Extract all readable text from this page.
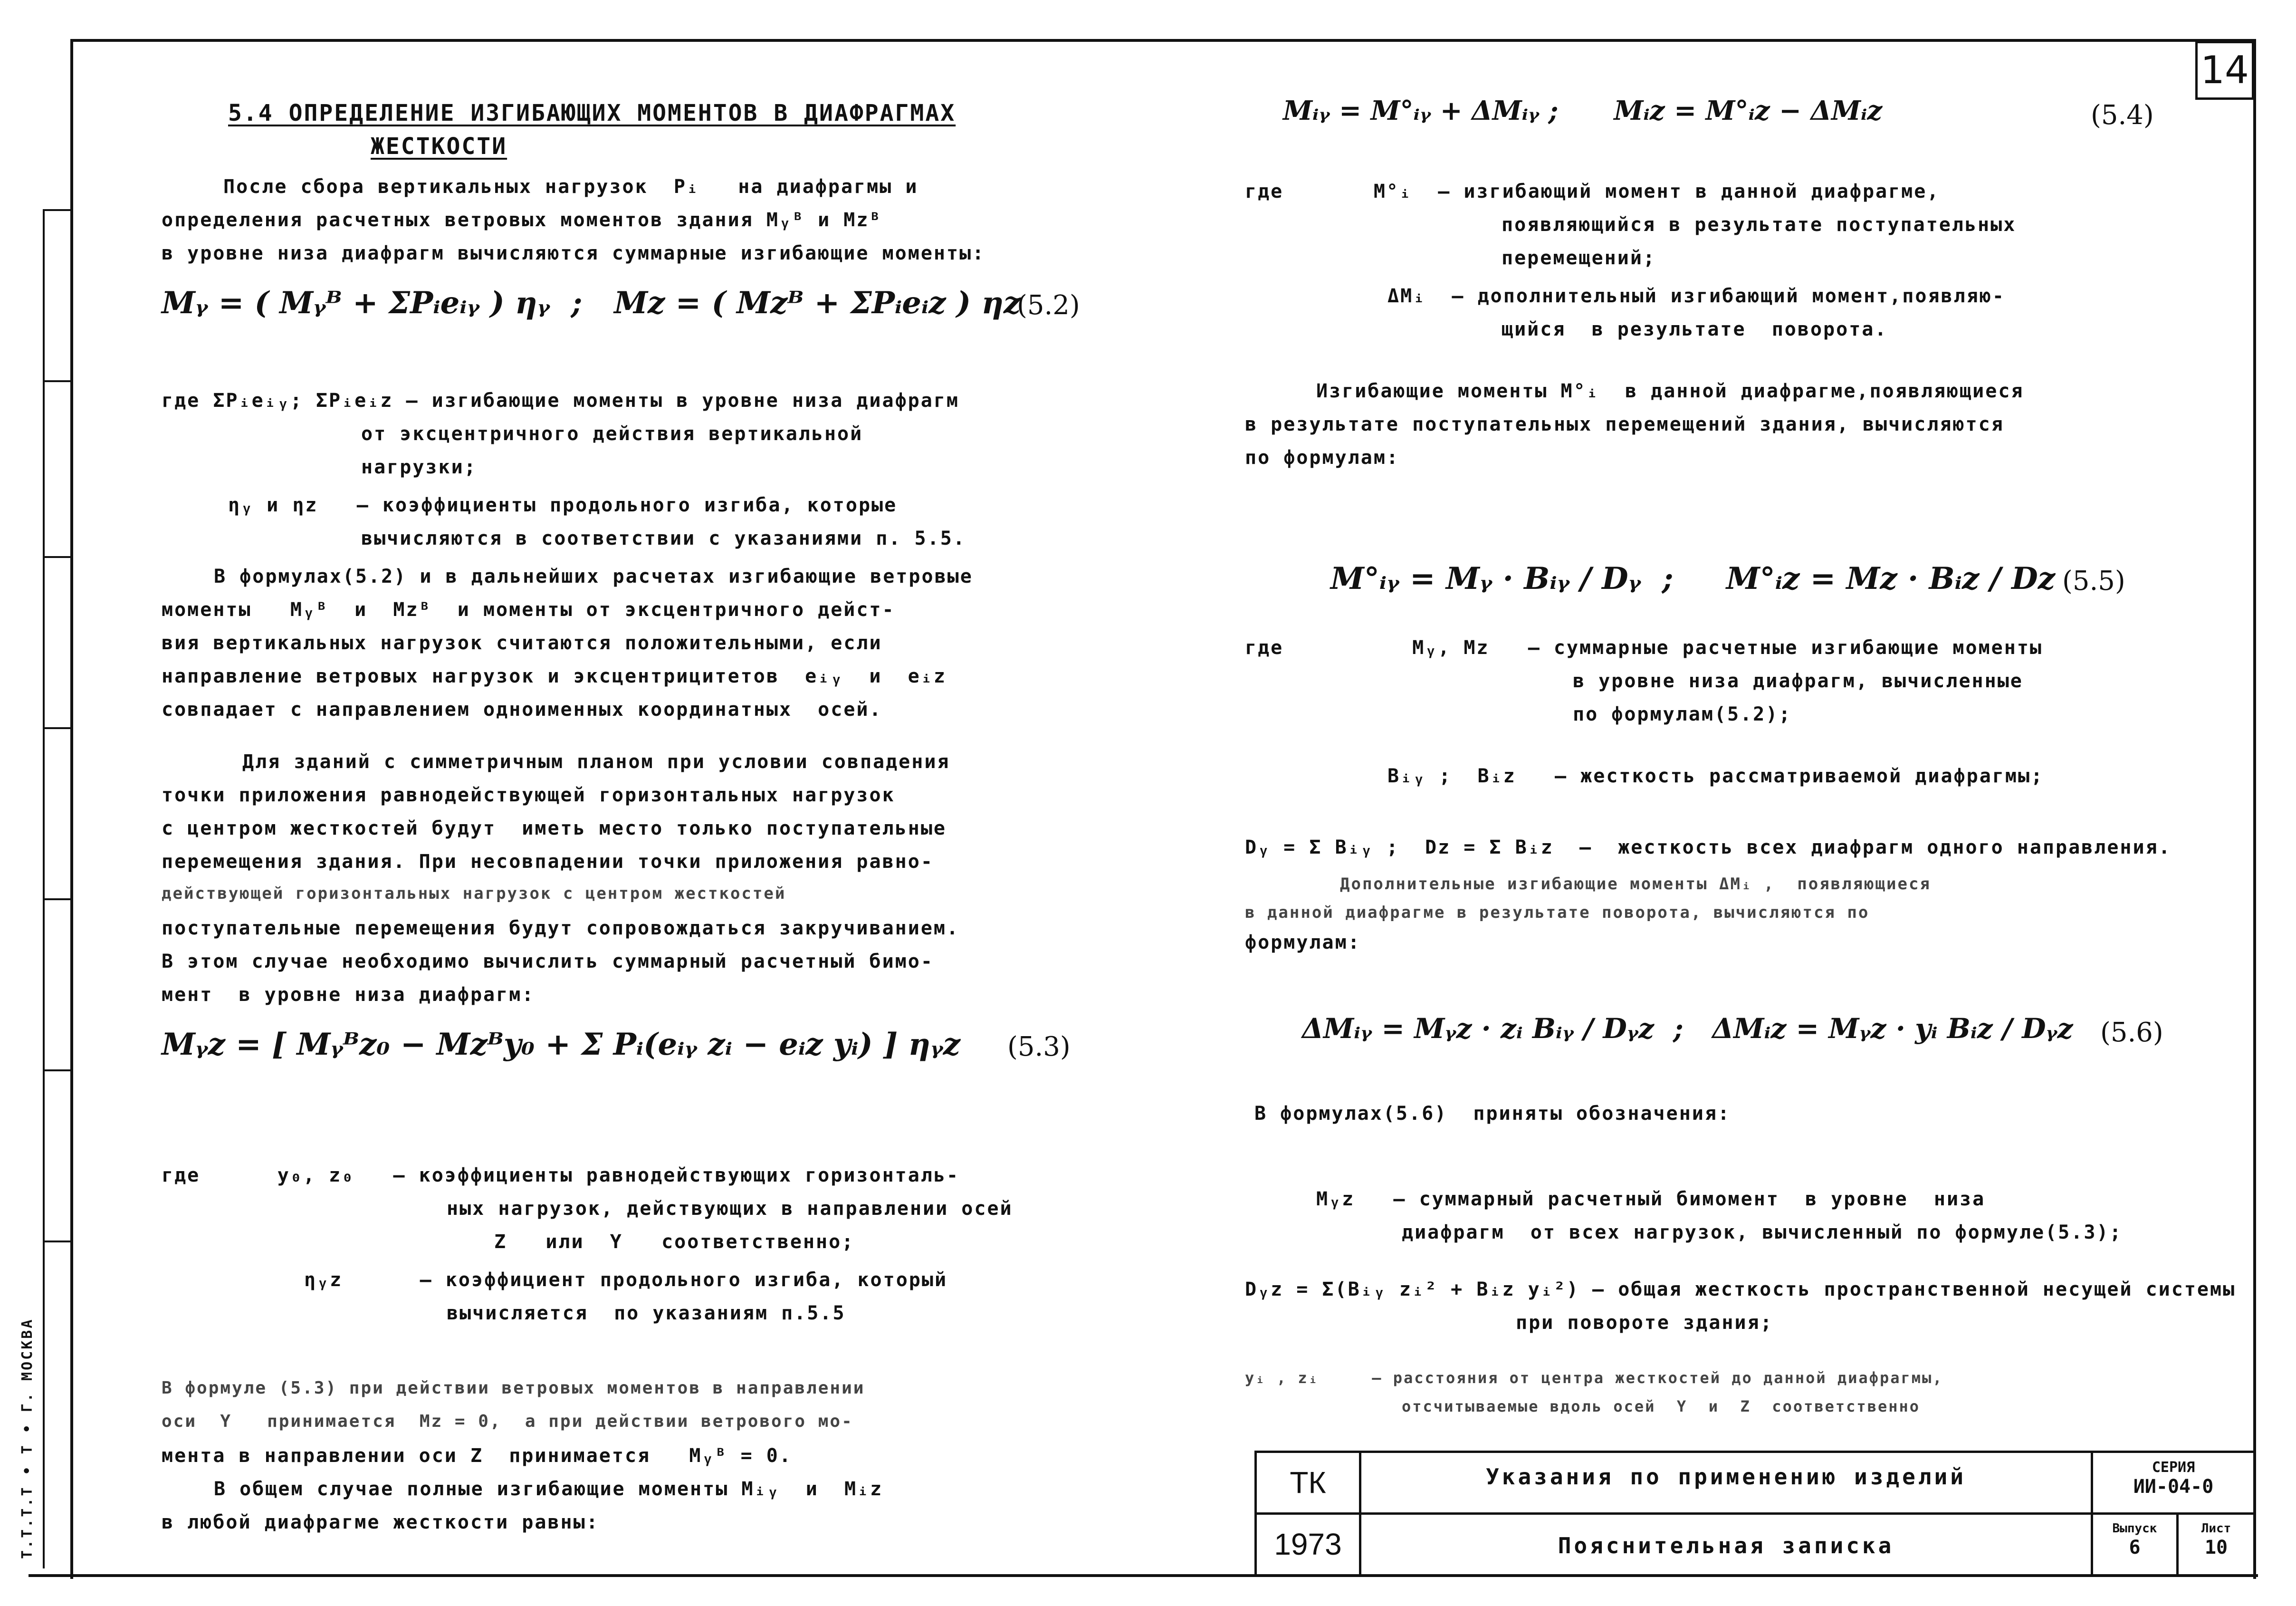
Т.Т.Т.Т • Т • Г. МОСКВА
14
5.4 ОПРЕДЕЛЕНИЕ ИЗГИБАЮЩИХ МОМЕНТОВ В ДИАФРАГМАХ
ЖЕСТКОСТИ
После сбора вертикальных нагрузок  Pᵢ   на диафрагмы и
определения расчетных ветровых моментов здания Mᵧᴮ и Mzᴮ
в уровне низа диафрагм вычисляются суммарные изгибающие моменты:
Mᵧ = ( Mᵧᴮ + ΣPᵢeᵢᵧ ) ηᵧ  ;   Mz = ( Mzᴮ + ΣPᵢeᵢz ) ηz
(5.2)
где ΣPᵢeᵢᵧ; ΣPᵢeᵢz – изгибающие моменты в уровне низа диафрагм
от эксцентричного действия вертикальной
нагрузки;
ηᵧ и ηz   – коэффициенты продольного изгиба, которые
вычисляются в соответствии с указаниями п. 5.5.
В формулах(5.2) и в дальнейших расчетах изгибающие ветровые
моменты   Mᵧᴮ  и  Mzᴮ  и моменты от эксцентричного дейст-
вия вертикальных нагрузок считаются положительными, если
направление ветровых нагрузок и эксцентрицитетов  eᵢᵧ  и  eᵢz
совпадает с направлением одноименных координатных  осей.
Для зданий с симметричным планом при условии совпадения
точки приложения равнодействующей горизонтальных нагрузок
с центром жесткостей будут  иметь место только поступательные
перемещения здания. При несовпадении точки приложения равно-
действующей горизонтальных нагрузок с центром жесткостей
поступательные перемещения будут сопровождаться закручиванием.
В этом случае необходимо вычислить суммарный расчетный бимо-
мент  в уровне низа диафрагм:
Mᵧz = [ Mᵧᴮz₀ − Mzᴮy₀ + Σ Pᵢ(eᵢᵧ zᵢ − eᵢz yᵢ) ] ηᵧz (5.3)
где      y₀, z₀   – коэффициенты равнодействующих горизонталь-
ных нагрузок, действующих в направлении осей
Z   или  Y   соответственно;
ηᵧz      – коэффициент продольного изгиба, который
вычисляется  по указаниям п.5.5
В формуле (5.3) при действии ветровых моментов в направлении
оси  Y   принимается  Mz = 0,  а при действии ветрового мо-
мента в направлении оси Z  принимается   Mᵧᴮ = 0.
В общем случае полные изгибающие моменты Mᵢᵧ  и  Mᵢz
в любой диафрагме жесткости равны:
Mᵢᵧ = M°ᵢᵧ + ΔMᵢᵧ ;      Mᵢz = M°ᵢz − ΔMᵢz	(5.4)
где       M°ᵢ  – изгибающий момент в данной диафрагме,
появляющийся в результате поступательных
перемещений;
ΔMᵢ  – дополнительный изгибающий момент,появляю-
щийся  в результате  поворота.
Изгибающие моменты M°ᵢ  в данной диафрагме,появляющиеся
в результате поступательных перемещений здания, вычисляются
по формулам:
M°ᵢᵧ = Mᵧ · Bᵢᵧ / Dᵧ  ;     M°ᵢz = Mz · Bᵢz / Dz (5.5)
где          Mᵧ, Mz   – суммарные расчетные изгибающие моменты
в уровне низа диафрагм, вычисленные
по формулам(5.2);
Bᵢᵧ ;  Bᵢz   – жесткость рассматриваемой диафрагмы;
Dᵧ = Σ Bᵢᵧ ;  Dz = Σ Bᵢz  –  жесткость всех диафрагм одного направления.
Дополнительные изгибающие моменты ΔMᵢ ,  появляющиеся
в данной диафрагме в результате поворота, вычисляются по
формулам:
ΔMᵢᵧ = Mᵧz · zᵢ Bᵢᵧ / Dᵧz  ;   ΔMᵢz = Mᵧz · yᵢ Bᵢz / Dᵧz (5.6)
В формулах(5.6)  приняты обозначения:
Mᵧz   – суммарный расчетный бимомент  в уровне  низа
диафрагм  от всех нагрузок, вычисленный по формуле(5.3);
Dᵧz = Σ(Bᵢᵧ zᵢ² + Bᵢz yᵢ²) – общая жесткость пространственной несущей системы
при повороте здания;
yᵢ , zᵢ     – расстояния от центра жесткостей до данной диафрагмы,
отсчитываемые вдоль осей  Y  и  Z  соответственно
ТК
1973
Указания по применению изделий
Пояснительная записка
СЕРИЯ
ИИ-04-0
Выпуск
6
Лист
10
